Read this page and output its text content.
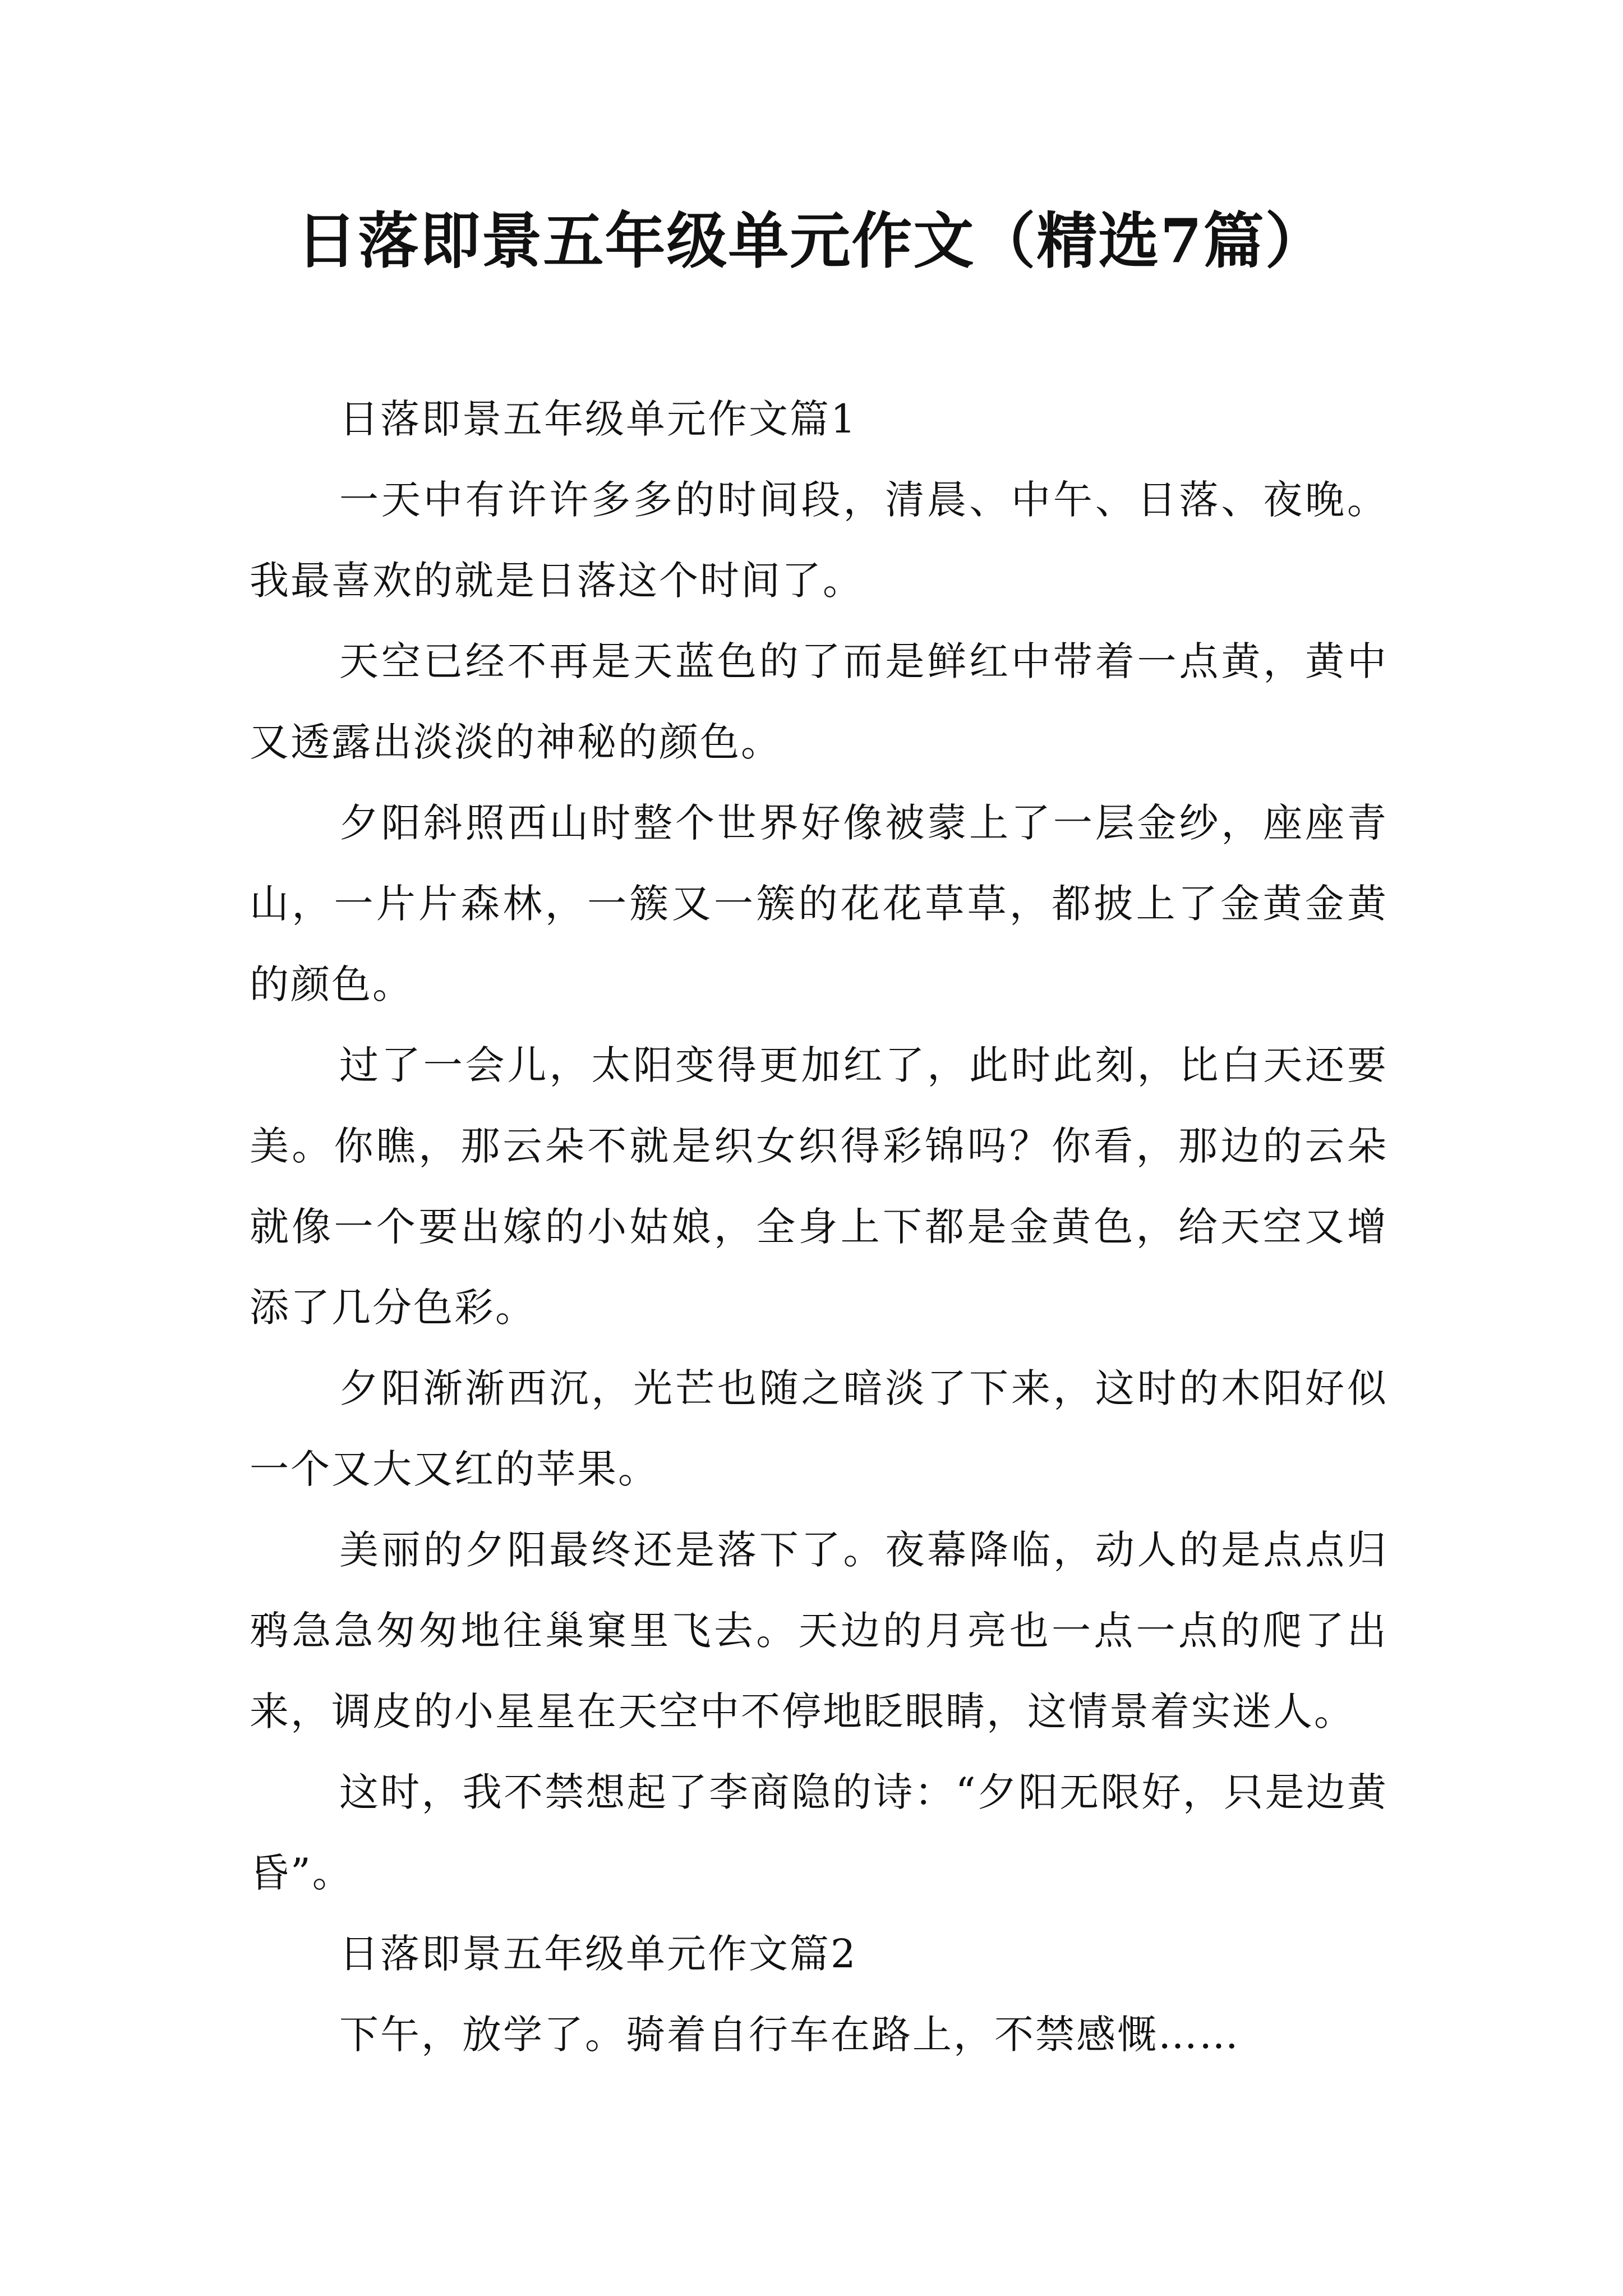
日落即景五年级单元作文（精选7篇）

日落即景五年级单元作文篇1

一天中有许许多多的时间段，清晨、中午、日落、夜晚。我最喜欢的就是日落这个时间了。

天空已经不再是天蓝色的了而是鲜红中带着一点黄，黄中又透露出淡淡的神秘的颜色。

夕阳斜照西山时整个世界好像被蒙上了一层金纱，座座青山，一片片森林，一簇又一簇的花花草草，都披上了金黄金黄的颜色。

过了一会儿，太阳变得更加红了，此时此刻，比白天还要美。你瞧，那云朵不就是织女织得彩锦吗？你看，那边的云朵就像一个要出嫁的小姑娘，全身上下都是金黄色，给天空又增添了几分色彩。

夕阳渐渐西沉，光芒也随之暗淡了下来，这时的木阳好似一个又大又红的苹果。

美丽的夕阳最终还是落下了。夜幕降临，动人的是点点归鸦急急匆匆地往巢窠里飞去。天边的月亮也一点一点的爬了出来，调皮的小星星在天空中不停地眨眼睛，这情景着实迷人。

这时，我不禁想起了李商隐的诗：“夕阳无限好，只是边黄昏”。

日落即景五年级单元作文篇2

下午，放学了。骑着自行车在路上，不禁感慨……
